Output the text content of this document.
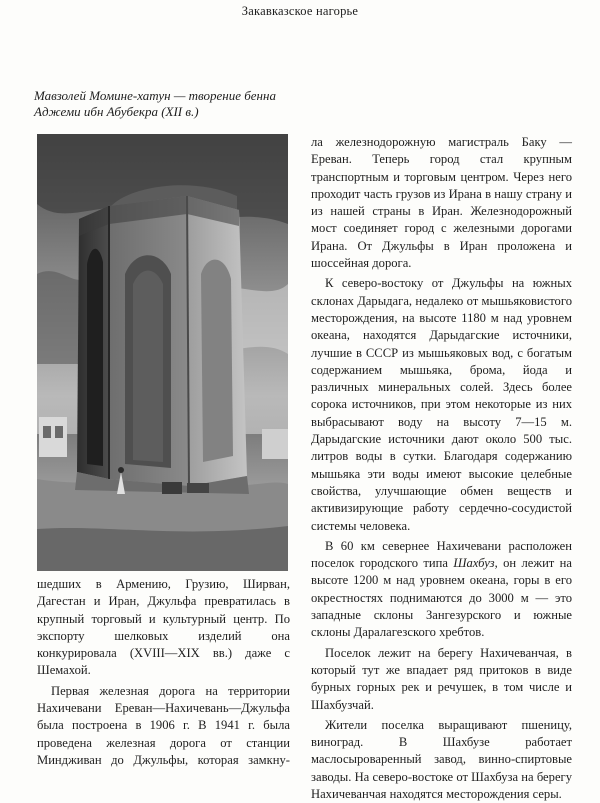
Закавказское нагорье
Мавзолей Момине-хатун — творение бенна
Аджеми ибн Абубекра (XII в.)

ла железнодорожную магистраль Баку — Ереван. Теперь город стал крупным транспортным и торговым центром. Через него проходит часть грузов из Ирана в нашу страну и из нашей страны в Иран. Железнодорожный мост соединяет город с железными дорогами Ирана. От Джульфы в Иран проложена и шоссейная дорога.

К северо-востоку от Джульфы на южных склонах Дарыдага, недалеко от мышьяковистого месторождения, на высоте 1180 м над уровнем океана, находятся Дарыдагские источники, лучшие в СССР из мышьяковых вод, с богатым содержанием мышьяка, брома, йода и различных минеральных солей. Здесь более сорока источников, при этом некоторые из них выбрасывают воду на высоту 7—15 м. Дарыдагские источники дают около 500 тыс. литров воды в сутки. Благодаря содержанию мышьяка эти воды имеют высокие целебные свойства, улучшающие обмен веществ и активизирующие работу сердечно-сосудистой системы человека.

В 60 км севернее Нахичевани расположен поселок городского типа Шахбуз, он лежит на высоте 1200 м над уровнем океана, горы в его окрестностях поднимаются до 3000 м — это западные склоны Зангезурского и южные склоны Даралагезского хребтов.

Поселок лежит на берегу Нахичеванчая, в который тут же впадает ряд притоков в виде бурных горных рек и речушек, в том числе и Шахбузчай.

Жители поселка выращивают пшеницу, виноград. В Шахбузе работает маслосыроваренный завод, винно-спиртовые заводы. На северо-востоке от Шахбуза на берегу Нахичеванчая находятся месторождения серы.

шедших в Армению, Грузию, Ширван, Дагестан и Иран, Джульфа превратилась в крупный торговый и культурный центр. По экспорту шелковых изделий она конкурировала (XVIII—XIX вв.) даже с Шемахой.

Первая железная дорога на территории Нахичевани Ереван—Нахичевань—Джульфа была построена в 1906 г. В 1941 г. была проведена железная дорога от станции Миндживан до Джульфы, которая замкну-
